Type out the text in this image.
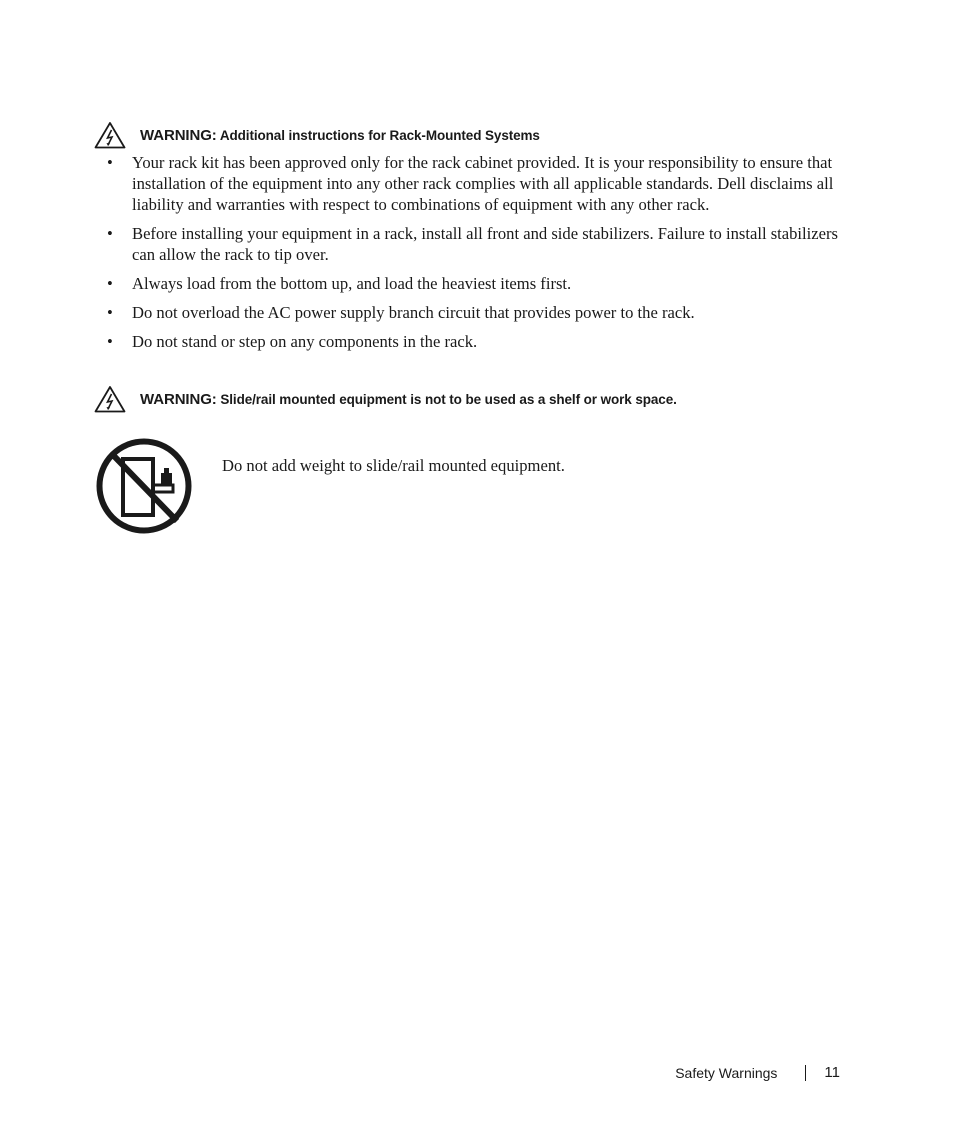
WARNING: Additional instructions for Rack-Mounted Systems
• Your rack kit has been approved only for the rack cabinet provided. It is your responsibility to ensure that installation of the equipment into any other rack complies with all applicable standards. Dell disclaims all liability and warranties with respect to combinations of equipment with any other rack.
• Before installing your equipment in a rack, install all front and side stabilizers. Failure to install stabilizers can allow the rack to tip over.
• Always load from the bottom up, and load the heaviest items first.
• Do not overload the AC power supply branch circuit that provides power to the rack.
• Do not stand or step on any components in the rack.
WARNING: Slide/rail mounted equipment is not to be used as a shelf or work space.
Do not add weight to slide/rail mounted equipment.
Safety Warnings	11
